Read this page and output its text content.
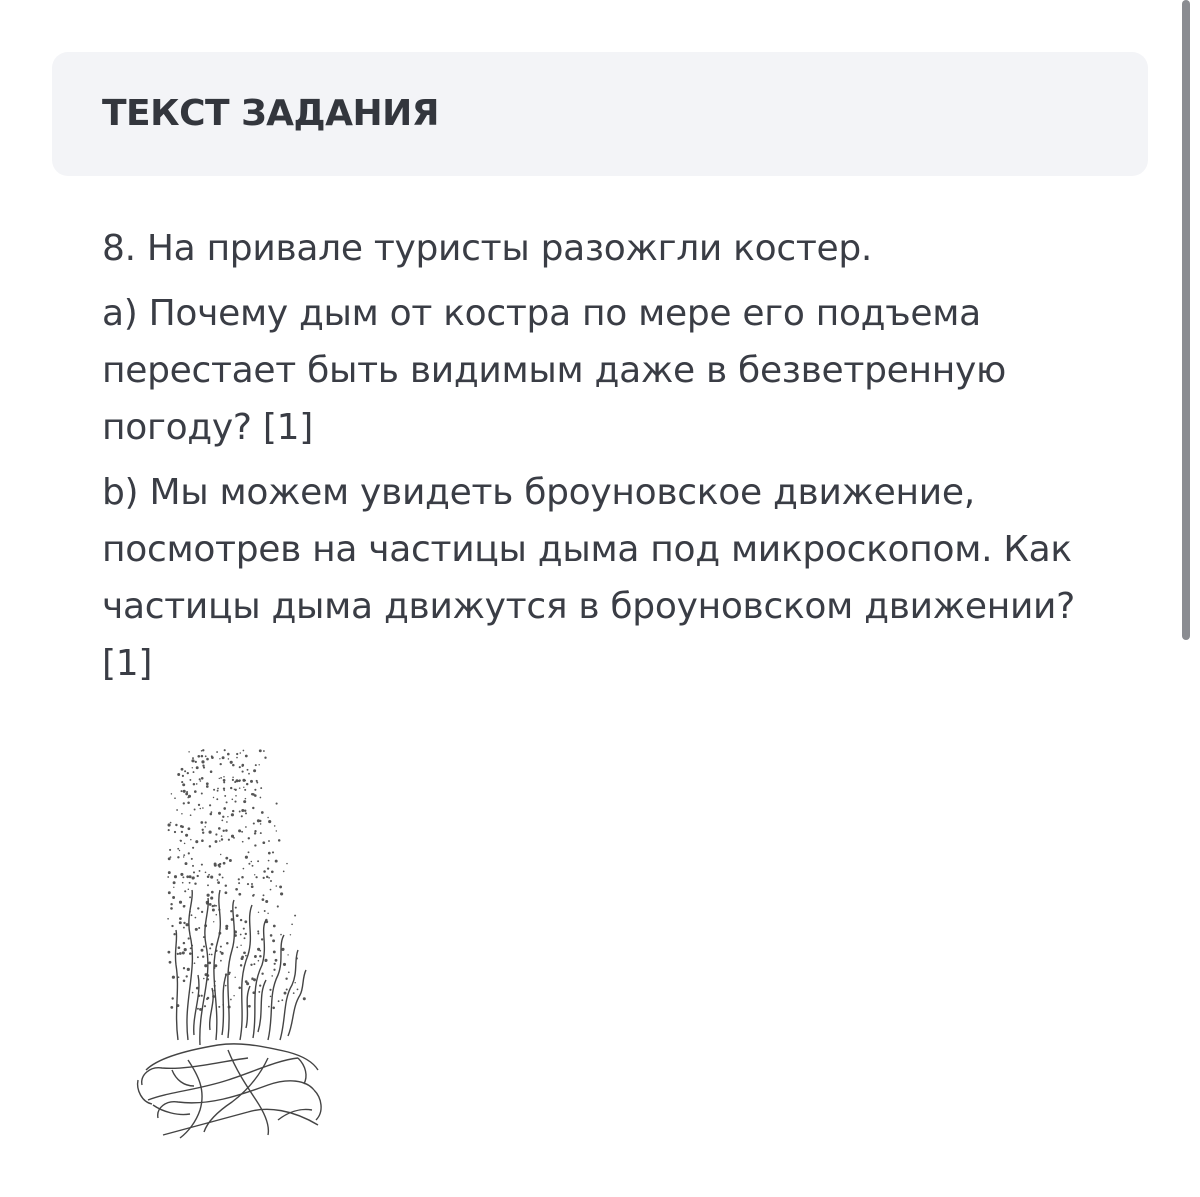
ТЕКСТ ЗАДАНИЯ

8. На привале туристы разожгли костер.

a) Почему дым от костра по мере его подъема перестает быть видимым даже в безветренную погоду? [1]

b) Мы можем увидеть броуновское движение, посмотрев на частицы дыма под микроскопом. Как частицы дыма движутся в броуновском движении? [1]
